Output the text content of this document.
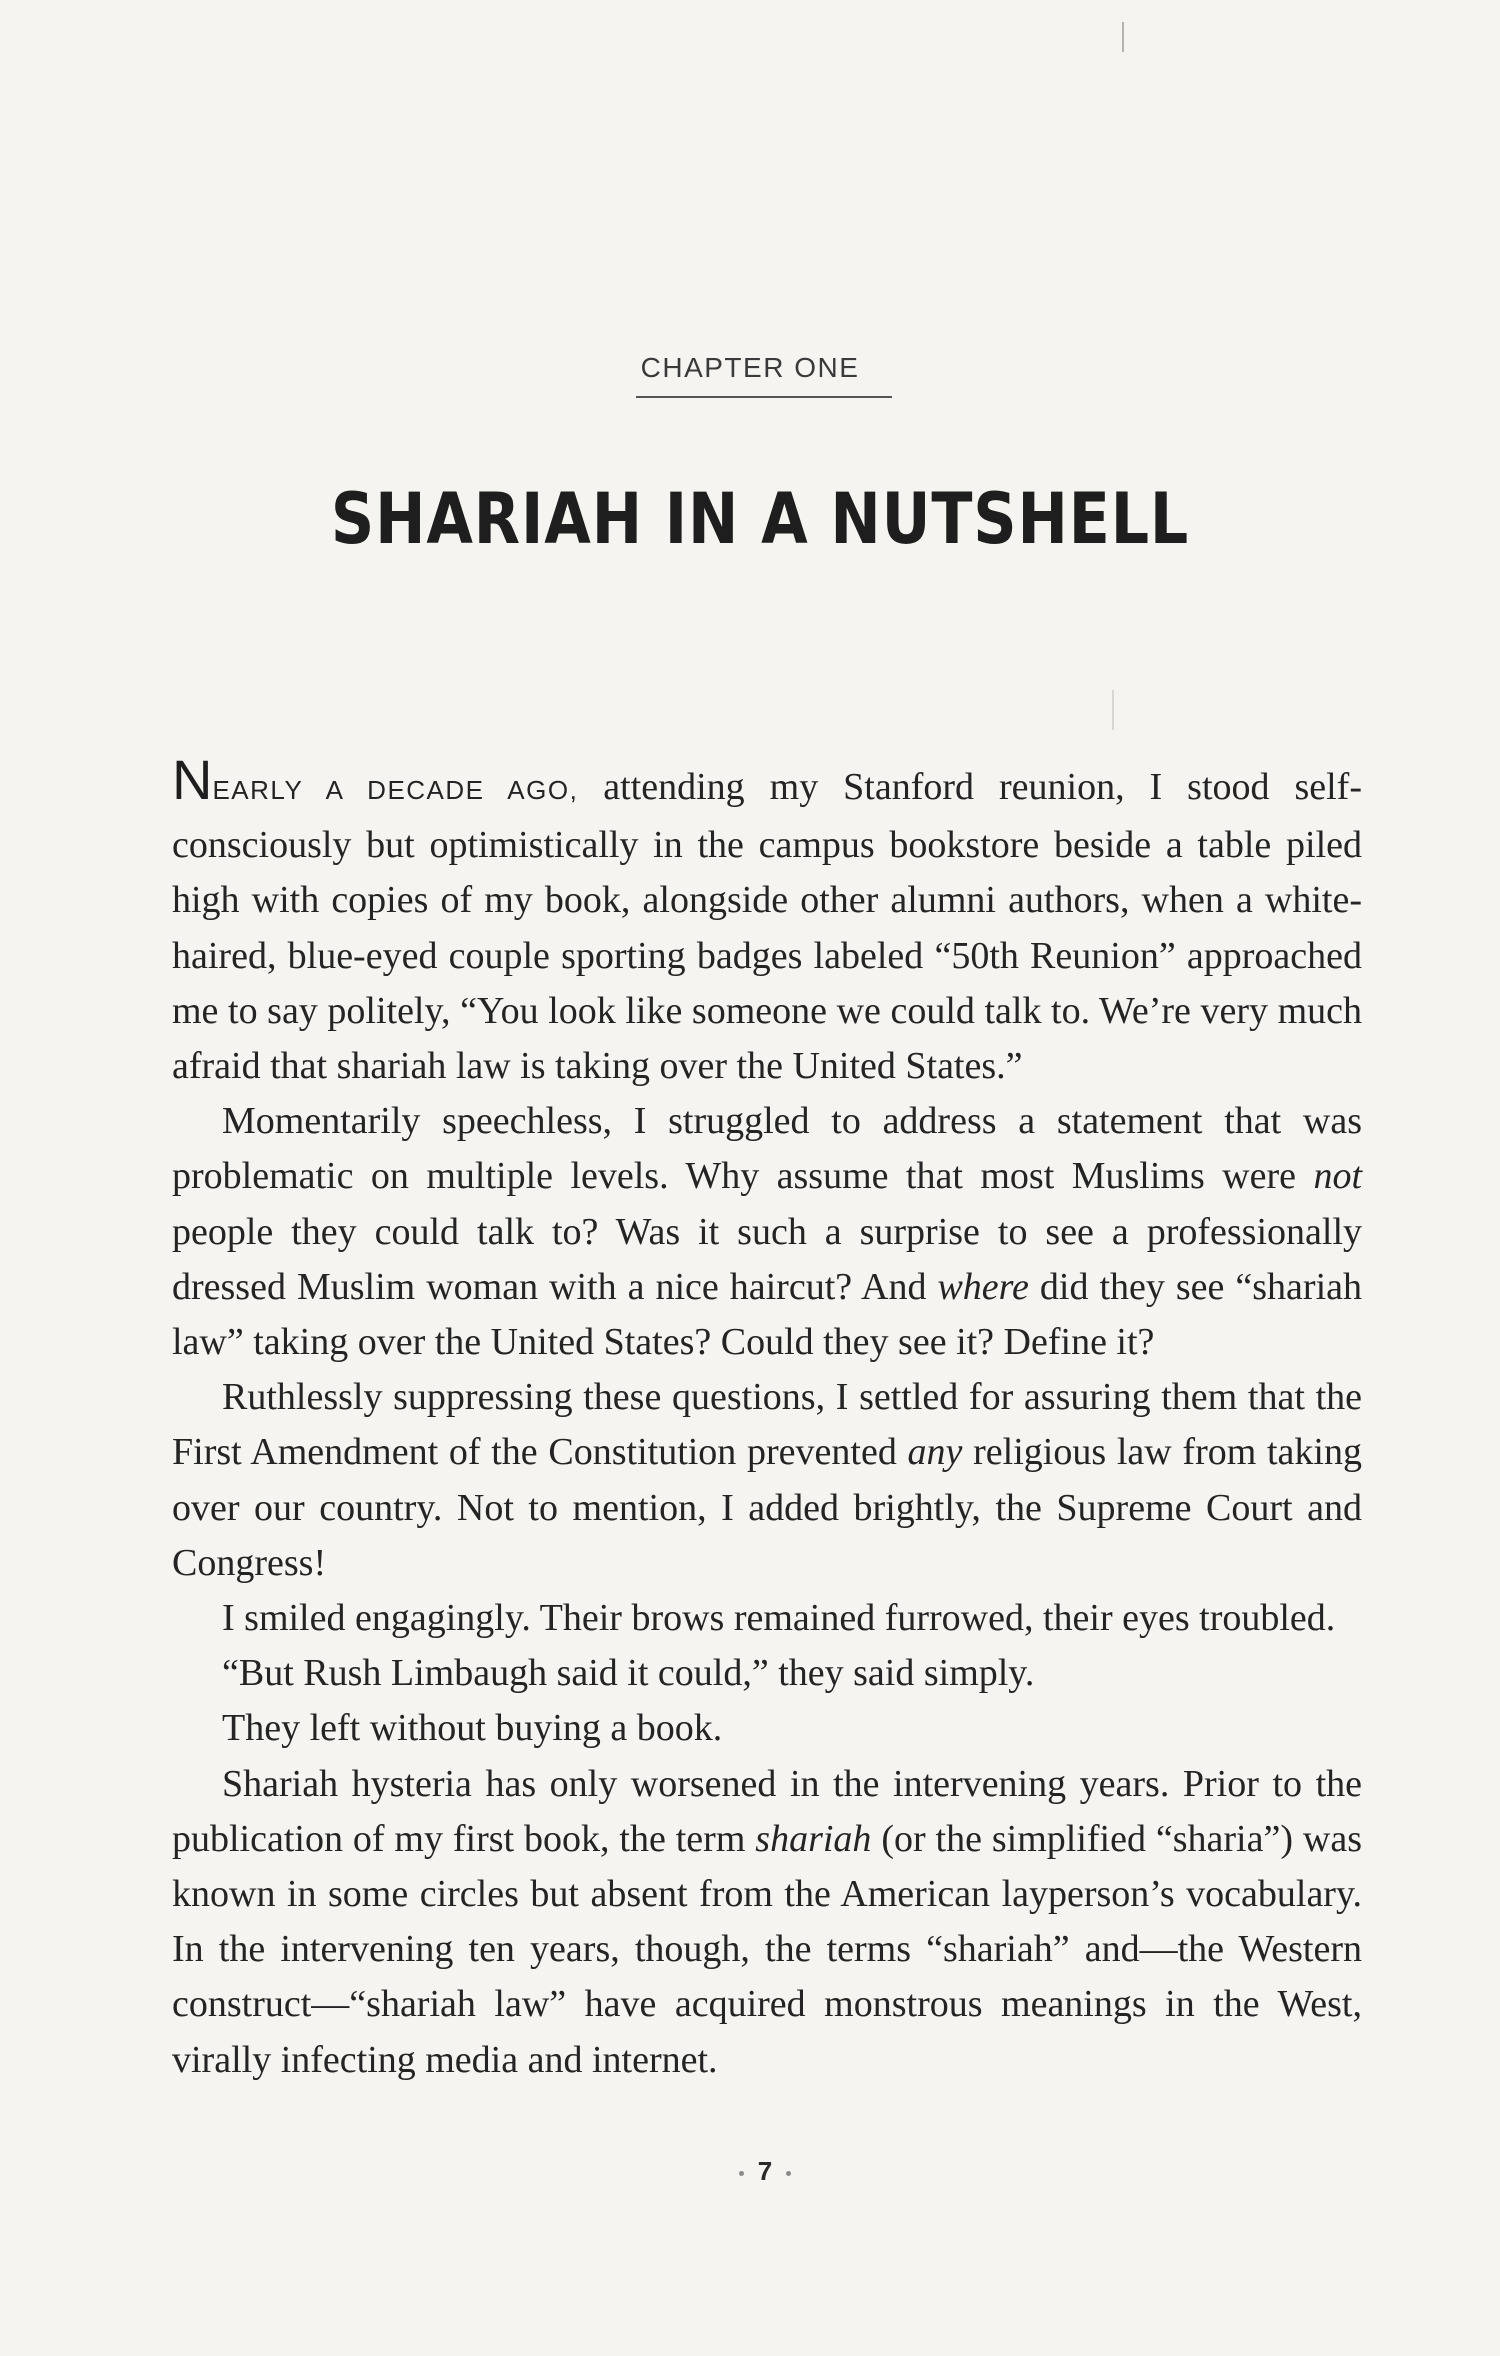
CHAPTER ONE
SHARIAH IN A NUTSHELL

NEARLY A DECADE AGO, attending my Stanford reunion, I stood self-consciously but optimistically in the campus bookstore beside a table piled high with copies of my book, alongside other alumni authors, when a white-haired, blue-eyed couple sporting badges labeled “50th Reunion” approached me to say politely, “You look like someone we could talk to. We’re very much afraid that shariah law is taking over the United States.”

Momentarily speechless, I struggled to address a statement that was problematic on multiple levels. Why assume that most Muslims were not people they could talk to? Was it such a surprise to see a professionally dressed Muslim woman with a nice haircut? And where did they see “shariah law” taking over the United States? Could they see it? Define it?

Ruthlessly suppressing these questions, I settled for assuring them that the First Amendment of the Constitution prevented any religious law from taking over our country. Not to mention, I added brightly, the Supreme Court and Congress!

I smiled engagingly. Their brows remained furrowed, their eyes troubled.

“But Rush Limbaugh said it could,” they said simply.

They left without buying a book.

Shariah hysteria has only worsened in the intervening years. Prior to the publication of my first book, the term shariah (or the simplified “sharia”) was known in some circles but absent from the American layperson’s vocabulary. In the intervening ten years, though, the terms “shariah” and—the Western construct—“shariah law” have acquired monstrous meanings in the West, virally infecting media and internet.

7
